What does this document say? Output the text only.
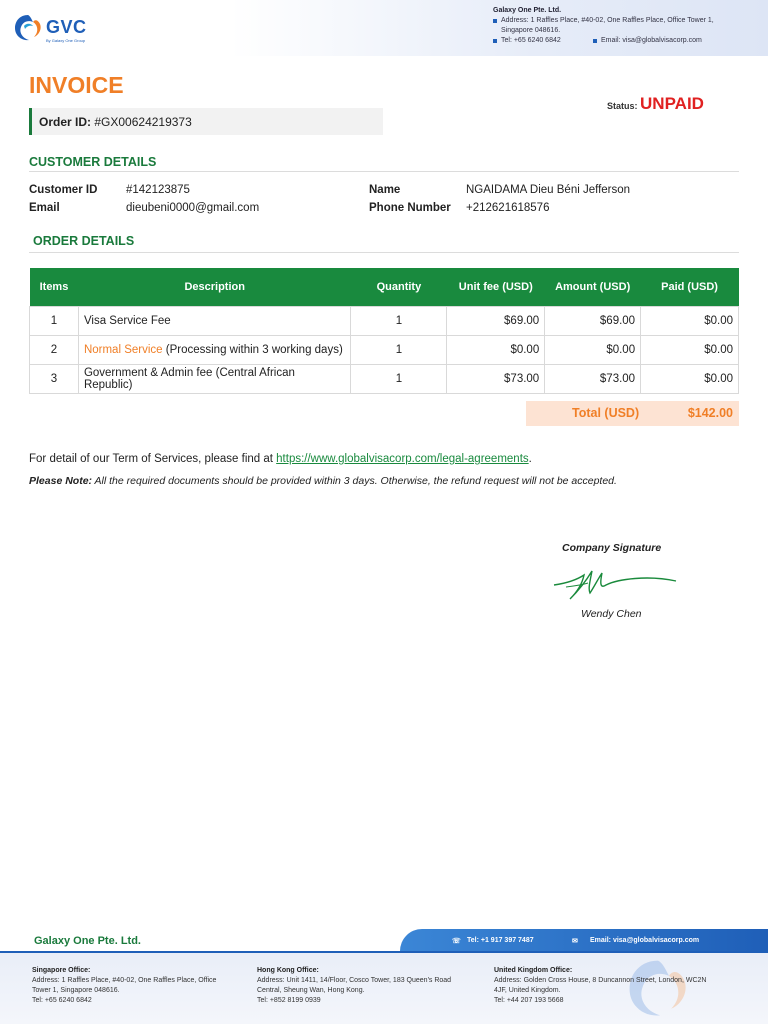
GVC
By Galaxy One Group
Galaxy One Pte. Ltd.
Address: 1 Raffles Place, #40-02, One Raffles Place, Office Tower 1,
Singapore 048616.
Tel: +65 6240 6842	Email: visa@globalvisacorp.com
INVOICE
Order ID: #GX00624219373
Status: UNPAID
CUSTOMER DETAILS
Customer ID #142123875
Email	dieubeni0000@gmail.com
Name	NGAIDAMA Dieu Béni Jefferson
Phone Number +212621618576
ORDER DETAILS
Items	Description	Quantity	Unit fee (USD)	Amount (USD)	Paid (USD)
1	Visa Service Fee	1	$69.00	$69.00	$0.00
2	Normal Service (Processing within 3 working days)	1	$0.00	$0.00	$0.00
3	Government & Admin fee (Central African Republic)	1	$73.00	$73.00	$0.00
Total (USD)	$142.00
For detail of our Term of Services, please find at https://www.globalvisacorp.com/legal-agreements.
Please Note: All the required documents should be provided within 3 days. Otherwise, the refund request will not be accepted.
Company Signature
Wendy Chen
Galaxy One Pte. Ltd.	☏ Tel: +1 917 397 7487	✉ Email: visa@globalvisacorp.com
Singapore Office:
Address: 1 Raffles Place, #40-02, One Raffles Place, Office
Tower 1, Singapore 048616.
Tel: +65 6240 6842
Hong Kong Office:
Address: Unit 1411, 14/Floor, Cosco Tower, 183 Queen's Road
Central, Sheung Wan, Hong Kong.
Tel: +852 8199 0939
United Kingdom Office:
Address: Golden Cross House, 8 Duncannon Street, London, WC2N
4JF, United Kingdom.
Tel: +44 207 193 5668
